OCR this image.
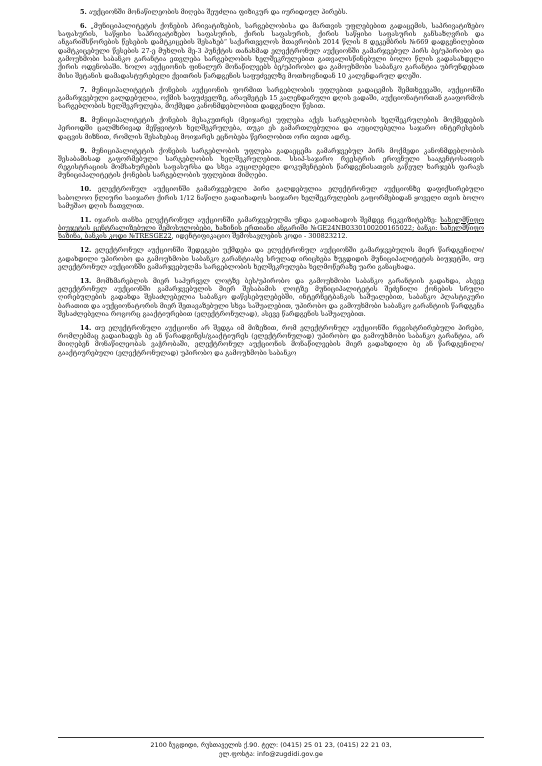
5. აუქციონში მონაწილეობის მიღება შეუძლია ფიზიკურ და იურიდიულ პირებს.

6. „მუნიციპალიტეტის ქონების პრივატიზების, სარგებლობისა და მართვის უფლებებით გადაცემის, საპრივატიზებო საფასურის, საწყისი საპრივატიზებო საფასურის, ქირის საფასურის, ქირის საწყისი საფასურის განსაზღვრის და ანგარიშსწორების წესების დამტკიცების შესახებ“ საქართველოს მთავრობის 2014 წლის 8 დეკემბრის №669 დადგენილებით დამტკიცებული წესების 27-ე მუხლის მე-3 პუნქტის თანახმად ელექტრონულ აუქციონში გამარჯვებულ პირს ბე/უპირობო და გამოუხმობი საბანკო გარანტია ეთვლება სარგებლობის ხელშეკრულებით გათვალისწინებული ბოლო წლის გადასახდელი ქირის ოდენობაში. ხოლო აუქციონის ფინალურ მონაწილეებს ბე/უპირობო და გამოუხმობი საბანკო გარანტია უბრუნდებათ მისი შეტანის დამადასტურებელი ქვითრის წარდგენის საფუძველზე მოთხოვნიდან 10 კალენდარულ დღეში.

7. მუნიციპალიტეტის ქონების აუქციონის ფორმით სარგებლობის უფლებით გადაცემის შემთხვევაში, აუქციონში გამარჯვებული გალდებულია, ოქმის საფუძველზე, არაუმეტეს 15 კალენდარული დღის ვადაში, აუქციონატორთან გააფორმოს სარგებლობის ხელშეკრულება, მოქმედი კანონმდებლობით დადგენილი წესით.

8. მუნიციპალიტეტის ქონების მესაკუთრეს (მეიჯარე) უფლება აქვს სარგებლობის ხელშეკრულების მოქმედების პერიოდში ცალმხრივად მეწყვიტოს ხელშეკრულება, თუკი ეს გამართლებულია და აუცილებელია საჯარო ინტერესების დაცვის მიზნით, რომლის შესახებაც მოიჯარეს ეცნობება წერილობით ორი თვით ადრე.

9. მუნიციპალიტეტის ქონების სარგებლობის უფლება გადაეცემა გამარჯვებულ პირს მოქმედი კანონმდებლობის შესაბამისად გაფორმებული სარგებლობის ხელშეკრულებით. სსიპ-საჯარო რეესტრის ეროვნული სააგენტოსათვის რეგისტრაციის მომსახურების საფასურსა და სხვა აუცილებელი დოკუმენტების წარდგენისათვის გაწეულ ხარჯებს ფარავს მუნიციპალიტეტის ქონების სარგებლობის უფლებით მიმღები.

10. ელექტრონულ აუქციონში გამარჯვებული პირი გალდებულია ელექტრონულ აუქციონზე დაფიქსირებული საბოლოო წლიური საიჯარო ქირის 1/12 ნაწილი გადაიხადოს საიჯარო ხელშეკრულების გაფორმებიდან ყოველი თვის ბოლო სამუშაო დღის ჩათვლით.

11. იჯარის თანხა ელექტრონულ აუქციონში გამარჯვებულმა უნდა გადაიხადოს შემდეგ რეკვიზიტებზე: სახელმწიფო ბიუჯეტის ცენტრალიზებული შემოსულობები, ხაზინის ერთიანი ანგარიში №GE24NB0330100200165022; ბანკი: სახელმწიფო ხაზინა, ბანკის კოდი №TRESGE22, იდენტიფიკაციო შემოსავლების კოდი - 300823212.

12. ელექტრონულ აუქციონში შედეგები უქმდება და ელექტრონულ აუქციონში გამარჯვებულის მიერ წარდგენილი/გადახდილი უპირობო და გამოუხმობი საბანკო გარანტია/ბე სრულად ირიცხება ზუგდიდის მუნიციპალიტეტის ბიუჯეტში, თუ ელექტრონულ აუქციონში გამარჯვებულმა სარგებლობის ხელშეკრულება ხელმოწერაზე უარი განაცხადა.

13. მომხმარებლის მიერ საჰურველ ლოტზე ბეს/უპირობო და გამოუხმობი საბანკო გარანტიის გადახდა, ასევე ელექტრონულ აუქციონში გამარჯვებულის მიერ შესაბამის ლოტზე მუნიციპალიტეტის შეძენილი ქონების სრული ღირებულების გადახდა შესაძლებელია საბანკო დაწესებულებებში, ინტერნეტბანკის საშუალებით, საბანკო პლასტიკური ბარათით და აუქციონატორის მიერ შეთავაზებული სხვა საშუალებით, უპირობო და გამოუხმობი საბანკო გარანტიის წარდგენა შესაძლებელია როგორც გააქტიურებით (ელექტრონულად), ასევე წარდგენის საშუალებით.

14. თუ ელექტრონული აუქციონი არ შედგა იმ მიზეზით, რომ ელექტრონულ აუქციონში რეგისტრირებული პირები, რომლებმაც გადაიხადეს ბე ან წარადგინეს/გააქტიურეს (ელექტრონულად) უპირობო და გამოუხმობი საბანკო გარანტია, არ მიიღებენ მონაწილეობას ვაჭრობაში, ელექტრონულ აუქციონის მონაწილეების მიერ გადახდილი ბე ან წარდგენილი/გააქტიურებული (ელექტრონულად) უპირობო და გამოუხმობი საბანკო

2100 ზუგდიდი, რუსთაველის ქ.90. ტელ: (0415) 25 01 23, (0415) 22 21 03,
ელ.ფოსტა: info@zugdidi.gov.ge
